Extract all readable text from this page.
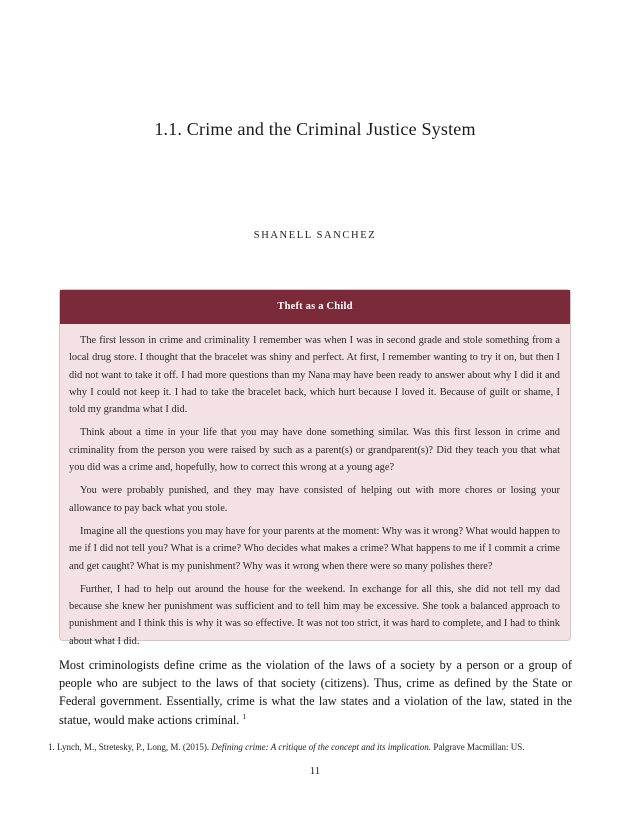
1.1. Crime and the Criminal Justice System
SHANELL SANCHEZ
Theft as a Child

The first lesson in crime and criminality I remember was when I was in second grade and stole something from a local drug store. I thought that the bracelet was shiny and perfect. At first, I remember wanting to try it on, but then I did not want to take it off. I had more questions than my Nana may have been ready to answer about why I did it and why I could not keep it. I had to take the bracelet back, which hurt because I loved it. Because of guilt or shame, I told my grandma what I did.

Think about a time in your life that you may have done something similar. Was this first lesson in crime and criminality from the person you were raised by such as a parent(s) or grandparent(s)? Did they teach you that what you did was a crime and, hopefully, how to correct this wrong at a young age?

You were probably punished, and they may have consisted of helping out with more chores or losing your allowance to pay back what you stole.

Imagine all the questions you may have for your parents at the moment: Why was it wrong? What would happen to me if I did not tell you? What is a crime? Who decides what makes a crime? What happens to me if I commit a crime and get caught? What is my punishment? Why was it wrong when there were so many polishes there?

Further, I had to help out around the house for the weekend. In exchange for all this, she did not tell my dad because she knew her punishment was sufficient and to tell him may be excessive. She took a balanced approach to punishment and I think this is why it was so effective. It was not too strict, it was hard to complete, and I had to think about what I did.

Most criminologists define crime as the violation of the laws of a society by a person or a group of people who are subject to the laws of that society (citizens). Thus, crime as defined by the State or Federal government. Essentially, crime is what the law states and a violation of the law, stated in the statue, would make actions criminal. $^1$

1. Lynch, M., Stretesky, P., Long, M. (2015). Defining crime: A critique of the concept and its implication. Palgrave Macmillan: US.
11
